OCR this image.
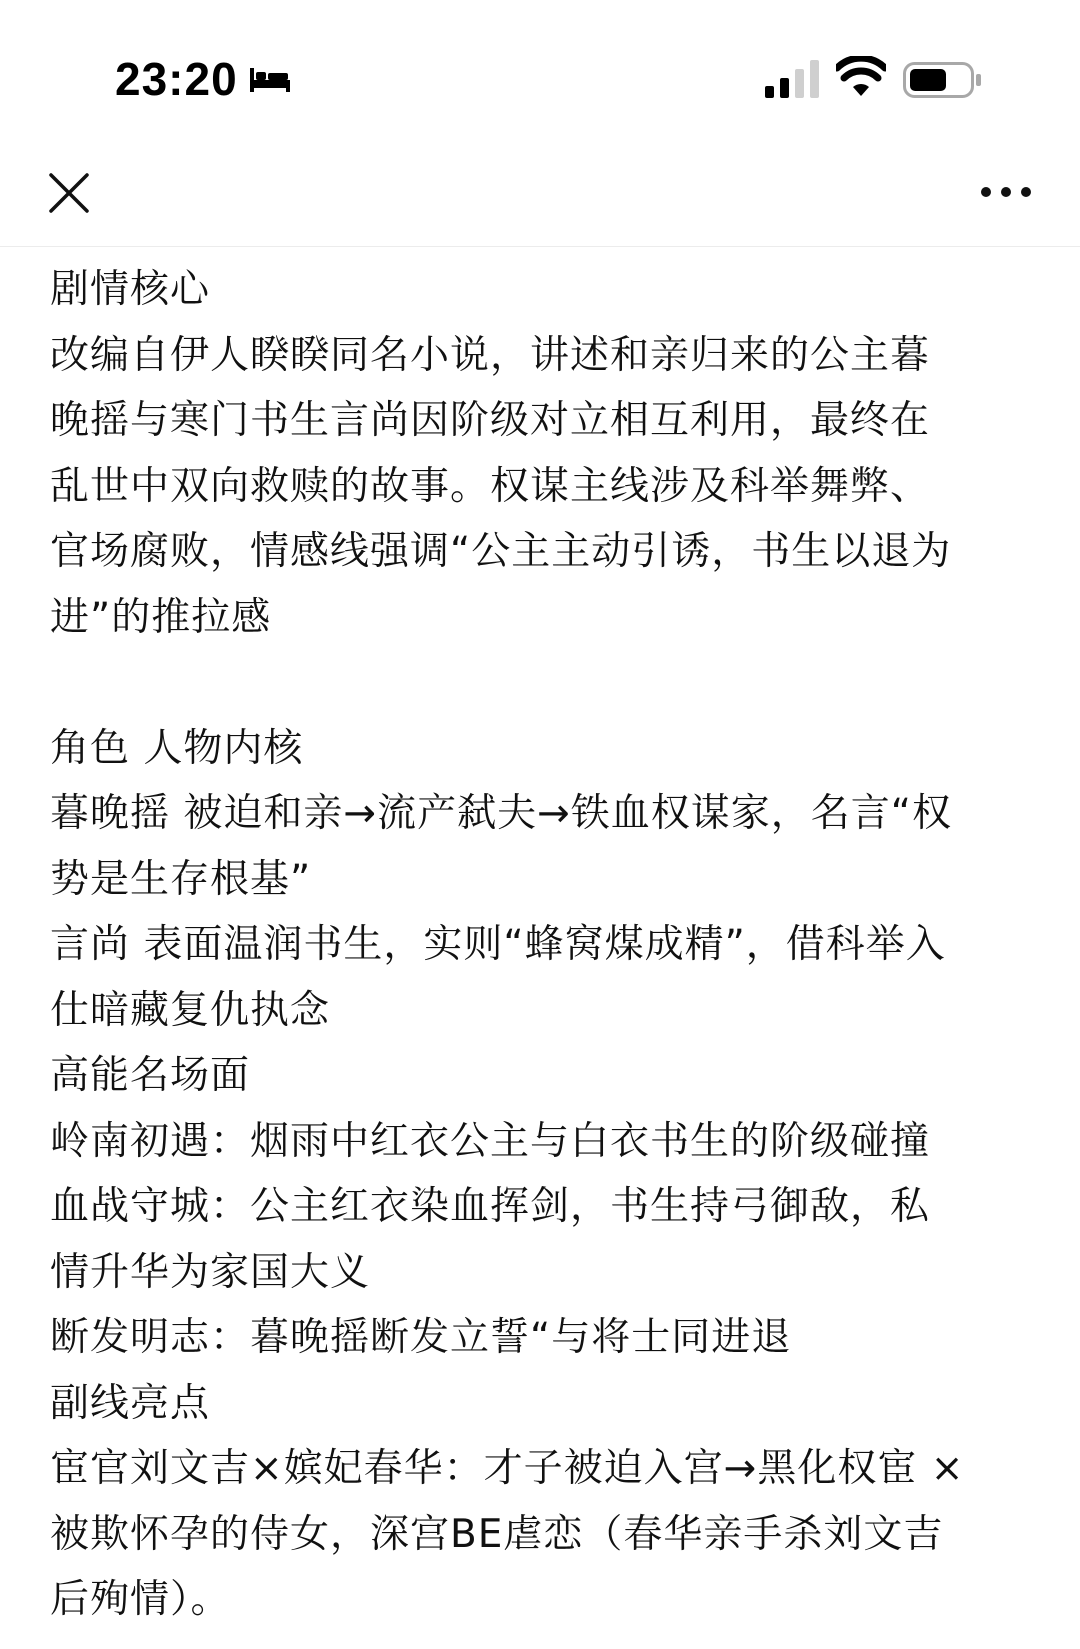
23:20
剧情核心
改编自伊人睽睽同名小说，讲述和亲归来的公主暮
晚摇与寒门书生言尚因阶级对立相互利用，最终在
乱世中双向救赎的故事。权谋主线涉及科举舞弊、
官场腐败，情感线强调“公主主动引诱，书生以退为
进”的推拉感
角色 人物内核
暮晚摇 被迫和亲→流产弑夫→铁血权谋家，名言“权
势是生存根基”
言尚 表面温润书生，实则“蜂窝煤成精”，借科举入
仕暗藏复仇执念
高能名场面
岭南初遇：烟雨中红衣公主与白衣书生的阶级碰撞
血战守城：公主红衣染血挥剑，书生持弓御敌，私
情升华为家国大义
断发明志：暮晚摇断发立誓“与将士同进退
副线亮点
宦官刘文吉×嫔妃春华：才子被迫入宫→黑化权宦 ×
被欺怀孕的侍女，深宫BE虐恋（春华亲手杀刘文吉
后殉情）。
